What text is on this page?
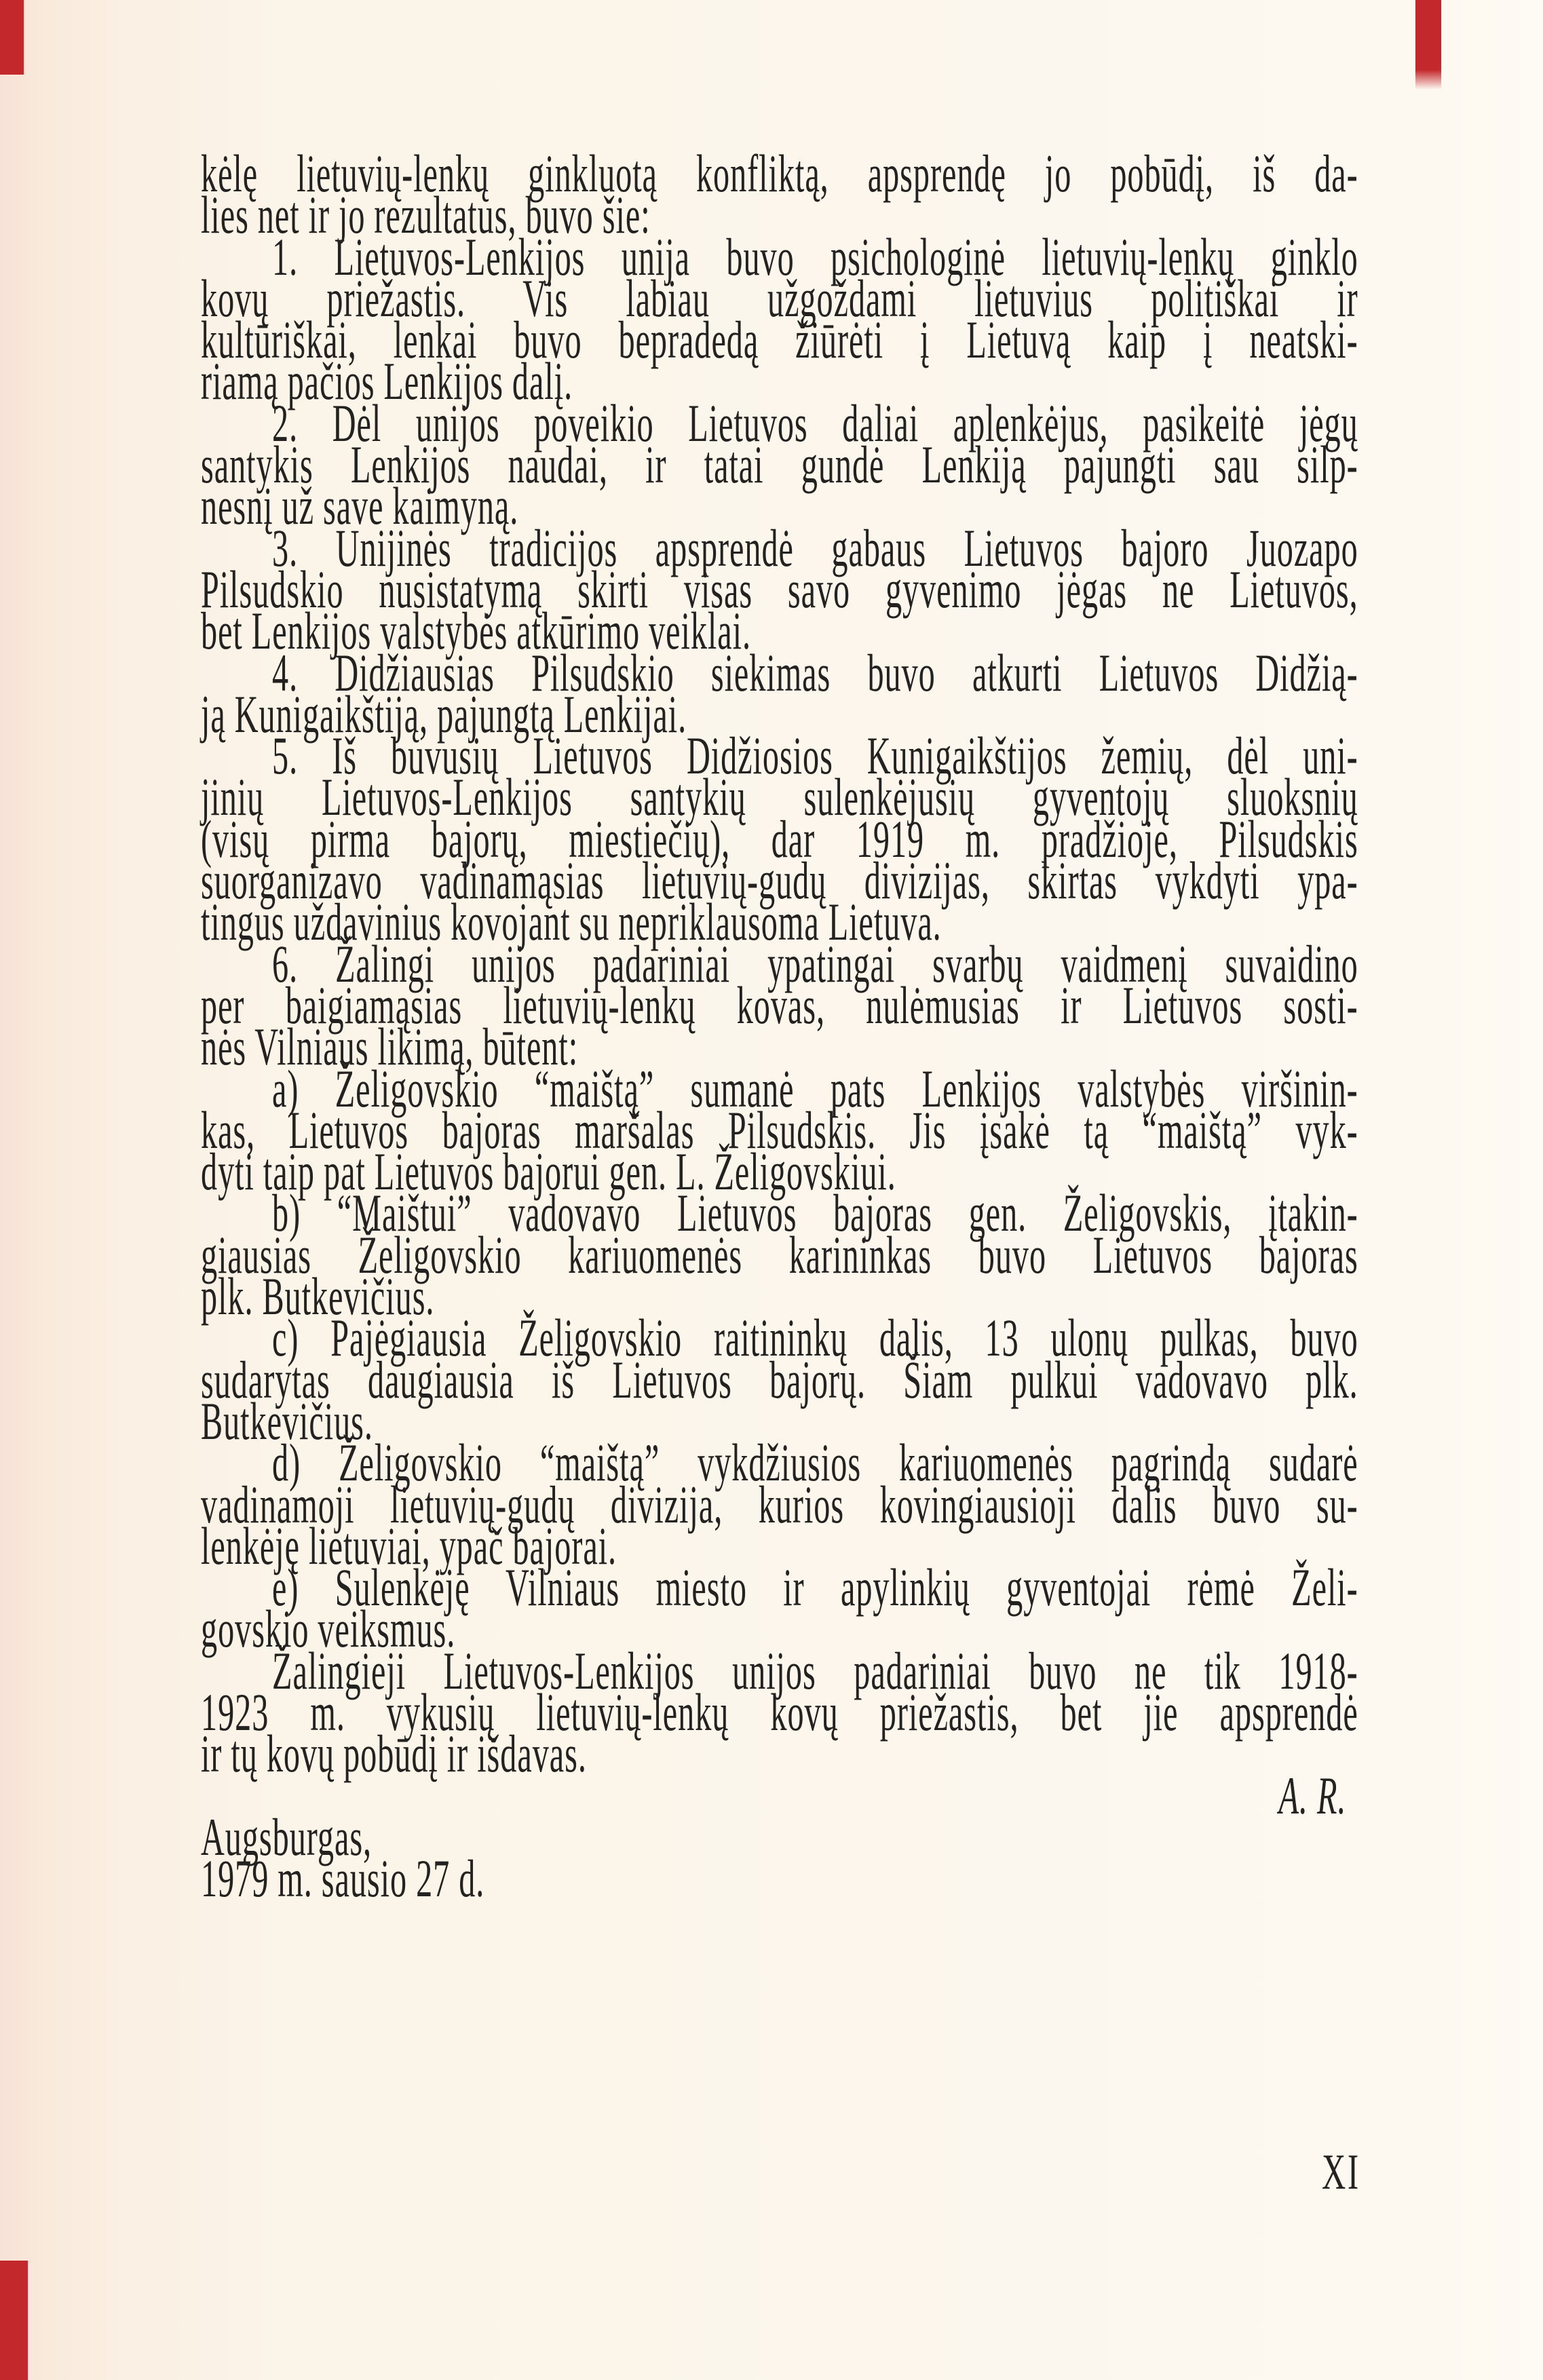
kėlę lietuvių-lenkų ginkluotą konfliktą, apsprendę jo pobūdį, iš da-
lies net ir jo rezultatus, buvo šie:
1. Lietuvos-Lenkijos unija buvo psichologinė lietuvių-lenkų ginklo
kovų priežastis. Vis labiau užgoždami lietuvius politiškai ir
kultūriškai, lenkai buvo bepradedą žiūrėti į Lietuvą kaip į neatski-
riamą pačios Lenkijos dalį.
2. Dėl unijos poveikio Lietuvos daliai aplenkėjus, pasikeitė jėgų
santykis Lenkijos naudai, ir tatai gundė Lenkiją pajungti sau silp-
nesnį už save kaimyną.
3. Unijinės tradicijos apsprendė gabaus Lietuvos bajoro Juozapo
Pilsudskio nusistatymą skirti visas savo gyvenimo jėgas ne Lietuvos,
bet Lenkijos valstybės atkūrimo veiklai.
4. Didžiausias Pilsudskio siekimas buvo atkurti Lietuvos Didžią-
ją Kunigaikštiją, pajungtą Lenkijai.
5. Iš buvusių Lietuvos Didžiosios Kunigaikštijos žemių, dėl uni-
jinių Lietuvos-Lenkijos santykių sulenkėjusių gyventojų sluoksnių
(visų pirma bajorų, miestiečių), dar 1919 m. pradžioje, Pilsudskis
suorganizavo vadinamąsias lietuvių-gudų divizijas, skirtas vykdyti ypa-
tingus uždavinius kovojant su nepriklausoma Lietuva.
6. Žalingi unijos padariniai ypatingai svarbų vaidmenį suvaidino
per baigiamąsias lietuvių-lenkų kovas, nulėmusias ir Lietuvos sosti-
nės Vilniaus likimą, būtent:
a) Želigovskio “maištą” sumanė pats Lenkijos valstybės viršinin-
kas, Lietuvos bajoras maršalas Pilsudskis. Jis įsakė tą “maištą” vyk-
dyti taip pat Lietuvos bajorui gen. L. Želigovskiui.
b) “Maištui” vadovavo Lietuvos bajoras gen. Želigovskis, įtakin-
giausias Želigovskio kariuomenės karininkas buvo Lietuvos bajoras
plk. Butkevičius.
c) Pajėgiausia Želigovskio raitininkų dalis, 13 ulonų pulkas, buvo
sudarytas daugiausia iš Lietuvos bajorų. Šiam pulkui vadovavo plk.
Butkevičius.
d) Želigovskio “maištą” vykdžiusios kariuomenės pagrindą sudarė
vadinamoji lietuvių-gudų divizija, kurios kovingiausioji dalis buvo su-
lenkėję lietuviai, ypač bajorai.
e) Sulenkėję Vilniaus miesto ir apylinkių gyventojai rėmė Želi-
govskio veiksmus.
Žalingieji Lietuvos-Lenkijos unijos padariniai buvo ne tik 1918-
1923 m. vykusių lietuvių-lenkų kovų priežastis, bet jie apsprendė
ir tų kovų pobūdį ir išdavas.
A. R.
Augsburgas,
1979 m. sausio 27 d.
XI
